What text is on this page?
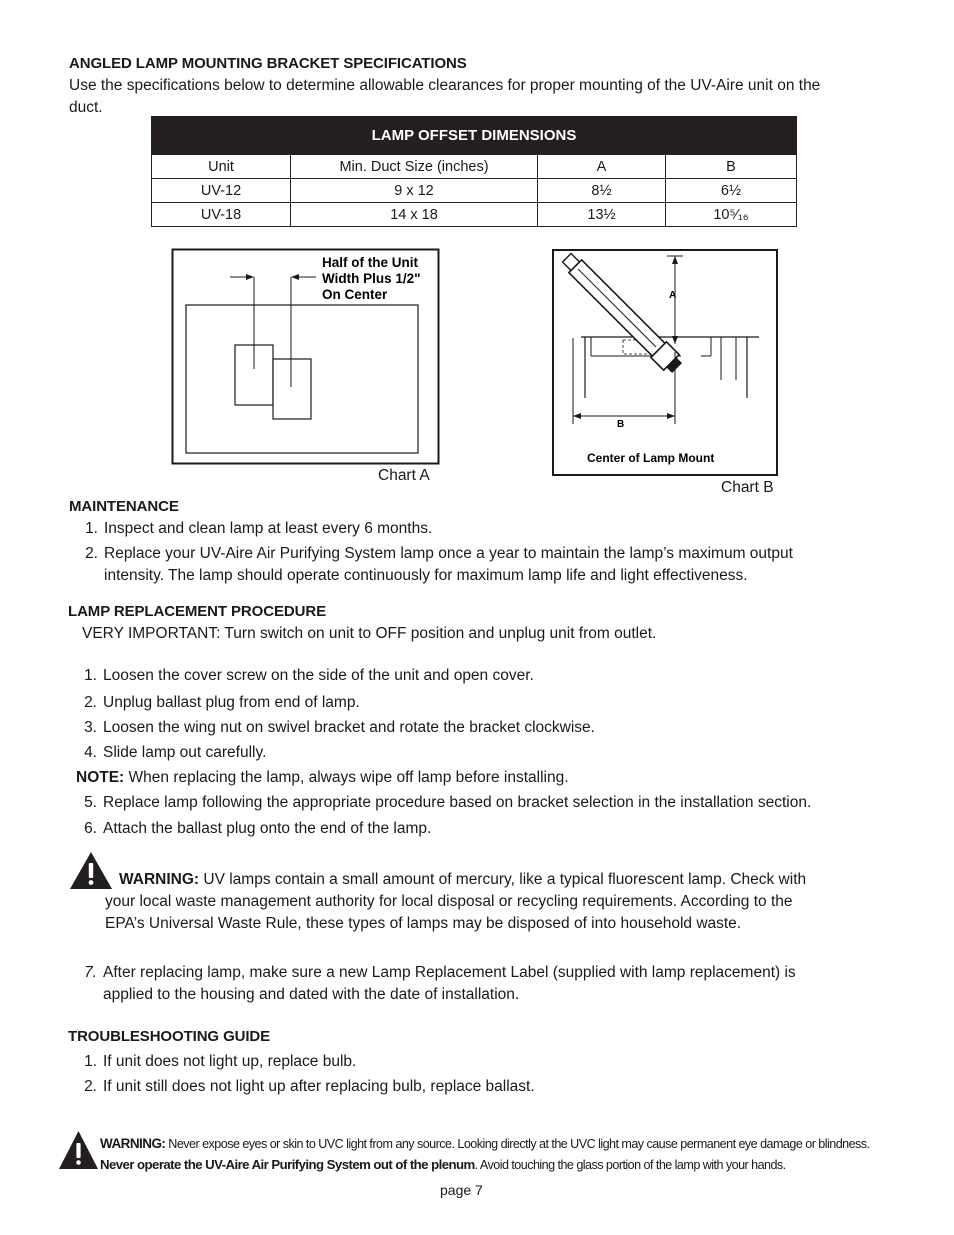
ANGLED LAMP MOUNTING BRACKET SPECIFICATIONS
Use the specifications below to determine allowable clearances for proper mounting of the UV-Aire unit on the
duct.
LAMP OFFSET DIMENSIONS			
Unit	Min. Duct Size (inches)	A	B
UV-12	9 x 12	8½	6½
UV-18	14 x 18	13½	10⁵⁄₁₆
Half of the Unit
Width Plus 1/2"
On Center
Chart A
A
B
Center of Lamp Mount
Chart B
MAINTENANCE
1. Inspect and clean lamp at least every 6 months.
2. Replace your UV-Aire Air Purifying System lamp once a year to maintain the lamp’s maximum output
intensity. The lamp should operate continuously for maximum lamp life and light effectiveness.
LAMP REPLACEMENT PROCEDURE
VERY IMPORTANT: Turn switch on unit to OFF position and unplug unit from outlet.
1. Loosen the cover screw on the side of the unit and open cover.
2. Unplug ballast plug from end of lamp.
3. Loosen the wing nut on swivel bracket and rotate the bracket clockwise.
4. Slide lamp out carefully.
NOTE: When replacing the lamp, always wipe off lamp before installing.
5. Replace lamp following the appropriate procedure based on bracket selection in the installation section.
6. Attach the ballast plug onto the end of the lamp.
WARNING: UV lamps contain a small amount of mercury, like a typical fluorescent lamp. Check with
your local waste management authority for local disposal or recycling requirements. According to the
EPA’s Universal Waste Rule, these types of lamps may be disposed of into household waste.
7. After replacing lamp, make sure a new Lamp Replacement Label (supplied with lamp replacement) is
applied to the housing and dated with the date of installation.
TROUBLESHOOTING GUIDE
1. If unit does not light up, replace bulb.
2. If unit still does not light up after replacing bulb, replace ballast.
WARNING: Never expose eyes or skin to UVC light from any source. Looking directly at the UVC light may cause permanent eye damage or blindness.
Never operate the UV-Aire Air Purifying System out of the plenum. Avoid touching the glass portion of the lamp with your hands.
page 7
